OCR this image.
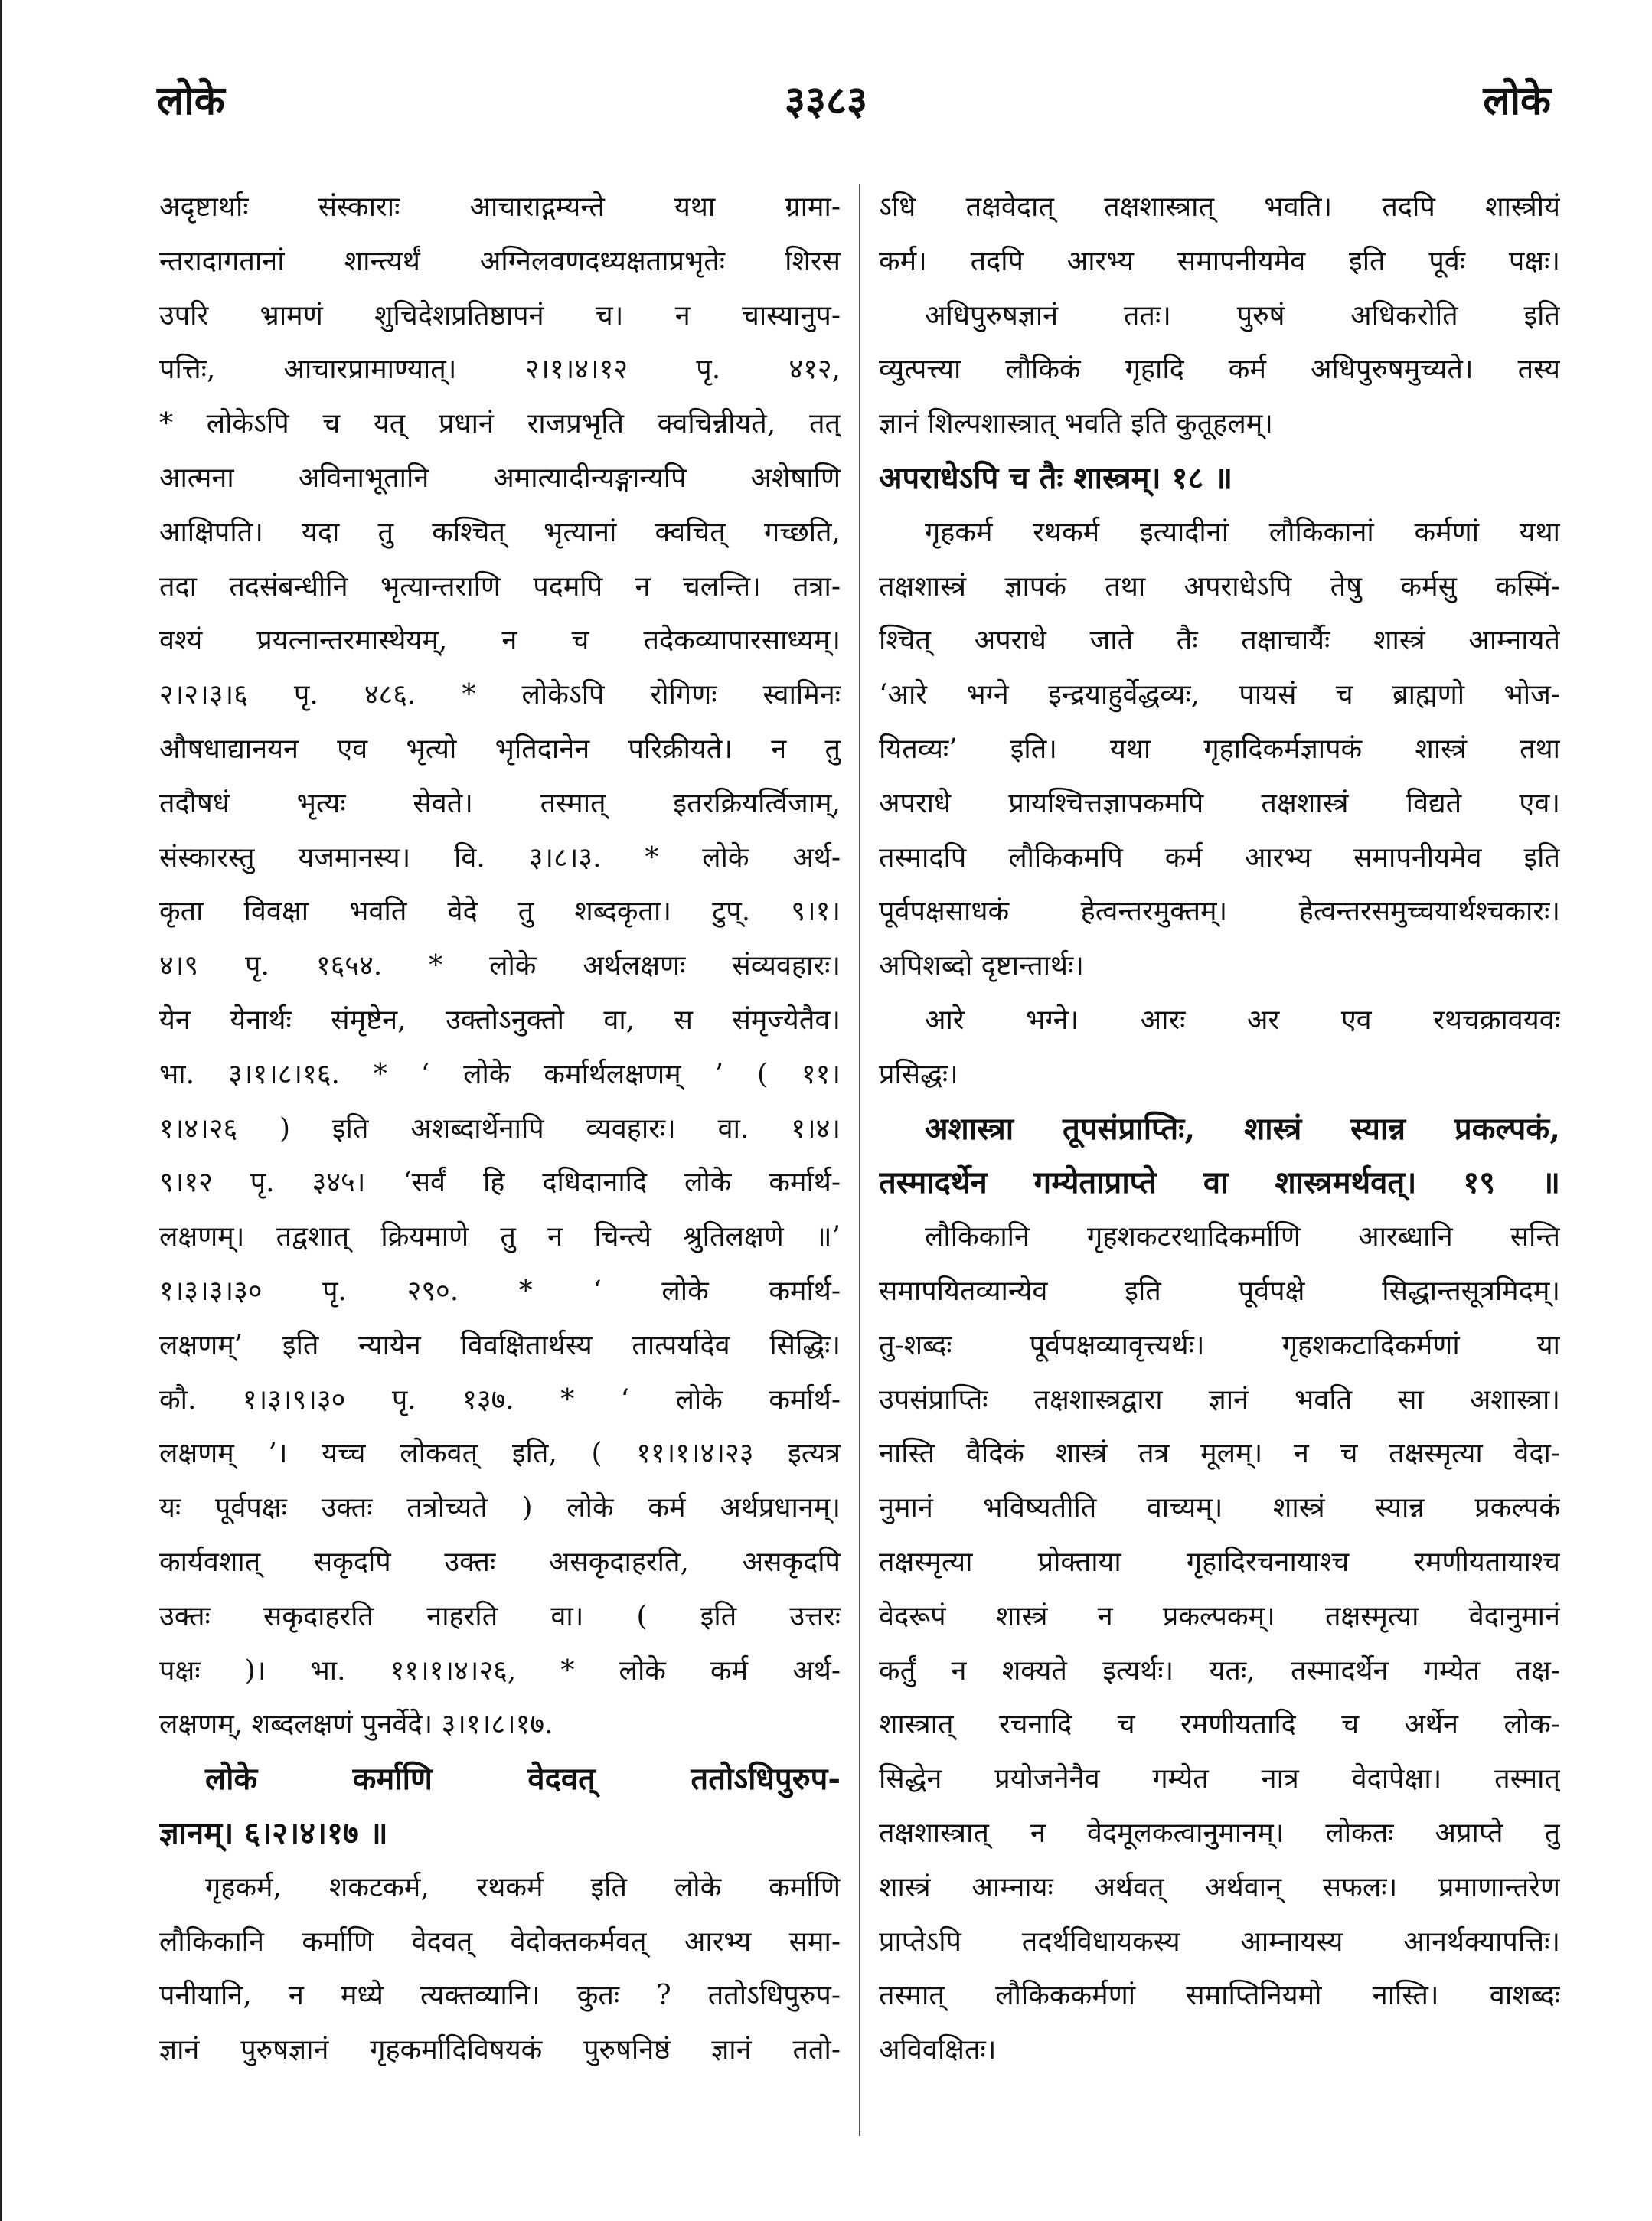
३३८३
लोके	लोके
अदृष्टार्थाः संस्काराः आचाराद्गम्यन्ते यथा ग्रामा-
न्तरादागतानां शान्त्यर्थं अग्निलवणदध्यक्षताप्रभृतेः शिरस
उपरि भ्रामणं शुचिदेशप्रतिष्ठापनं च। न चास्यानुप-
पत्तिः, आचारप्रामाण्यात्। २।१।४।१२ पृ. ४१२,
* लोकेऽपि च यत् प्रधानं राजप्रभृति क्वचिन्नीयते, तत्
आत्मना अविनाभूतानि अमात्यादीन्यङ्गान्यपि अशेषाणि
आक्षिपति। यदा तु कश्चित् भृत्यानां क्वचित् गच्छति,
तदा तदसंबन्धीनि भृत्यान्तराणि पदमपि न चलन्ति। तत्रा-
वश्यं प्रयत्नान्तरमास्थेयम्, न च तदेकव्यापारसाध्यम्।
२।२।३।६ पृ. ४८६. * लोकेऽपि रोगिणः स्वामिनः
औषधाद्यानयन एव भृत्यो भृतिदानेन परिक्रीयते। न तु
तदौषधं भृत्यः सेवते। तस्मात् इतरक्रियर्त्विजाम्,
संस्कारस्तु यजमानस्य। वि. ३।८।३. * लोके अर्थ-
कृता विवक्षा भवति वेदे तु शब्दकृता। टुप्. ९।१।
४।९ पृ. १६५४. * लोके अर्थलक्षणः संव्यवहारः।
येन येनार्थः संमृष्टेन, उक्तोऽनुक्तो वा, स संमृज्येतैव।
भा. ३।१।८।१६. * ‘ लोके कर्मार्थलक्षणम् ’ ( ११।
१।४।२६ ) इति अशब्दार्थेनापि व्यवहारः। वा. १।४।
९।१२ पृ. ३४५। ‘सर्वं हि दधिदानादि लोके कर्मार्थ-
लक्षणम्। तद्वशात् क्रियमाणे तु न चिन्त्ये श्रुतिलक्षणे ॥’
१।३।३।३० पृ. २९०. * ‘ लोके कर्मार्थ-
लक्षणम्’ इति न्यायेन विवक्षितार्थस्य तात्पर्यादेव सिद्धिः।
कौ. १।३।९।३० पृ. १३७. * ‘ लोके कर्मार्थ-
लक्षणम् ’। यच्च लोकवत् इति, ( ११।१।४।२३ इत्यत्र
यः पूर्वपक्षः उक्तः तत्रोच्यते ) लोके कर्म अर्थप्रधानम्।
कार्यवशात् सकृदपि उक्तः असकृदाहरति, असकृदपि
उक्तः सकृदाहरति नाहरति वा। ( इति उत्तरः
पक्षः )। भा. ११।१।४।२६, * लोके कर्म अर्थ-
लक्षणम्, शब्दलक्षणं पुनर्वेदे। ३।१।८।१७.
लोके कर्माणि वेदवत् ततोऽधिपुरुप-
ज्ञानम्। ६।२।४।१७ ॥
गृहकर्म, शकटकर्म, रथकर्म इति लोके कर्माणि
लौकिकानि कर्माणि वेदवत् वेदोक्तकर्मवत् आरभ्य समा-
पनीयानि, न मध्ये त्यक्तव्यानि। कुतः ? ततोऽधिपुरुप-
ज्ञानं पुरुषज्ञानं गृहकर्मादिविषयकं पुरुषनिष्ठं ज्ञानं ततो-
ऽधि तक्षवेदात् तक्षशास्त्रात् भवति। तदपि शास्त्रीयं
कर्म। तदपि आरभ्य समापनीयमेव इति पूर्वः पक्षः।
अधिपुरुषज्ञानं ततः। पुरुषं अधिकरोति इति
व्युत्पत्त्या लौकिकं गृहादि कर्म अधिपुरुषमुच्यते। तस्य
ज्ञानं शिल्पशास्त्रात् भवति इति कुतूहलम्।
अपराधेऽपि च तैः शास्त्रम्। १८ ॥
गृहकर्म रथकर्म इत्यादीनां लौकिकानां कर्मणां यथा
तक्षशास्त्रं ज्ञापकं तथा अपराधेऽपि तेषु कर्मसु कस्मिं-
श्चित् अपराधे जाते तैः तक्षाचार्यैः शास्त्रं आम्नायते
‘आरे भग्ने इन्द्रयाहुर्वेद्धव्यः, पायसं च ब्राह्मणो भोज-
यितव्यः’ इति। यथा गृहादिकर्मज्ञापकं शास्त्रं तथा
अपराधे प्रायश्चित्तज्ञापकमपि तक्षशास्त्रं विद्यते एव।
तस्मादपि लौकिकमपि कर्म आरभ्य समापनीयमेव इति
पूर्वपक्षसाधकं हेत्वन्तरमुक्तम्। हेत्वन्तरसमुच्चयार्थश्चकारः।
अपिशब्दो दृष्टान्तार्थः।
आरे भग्ने। आरः अर एव रथचक्रावयवः
प्रसिद्धः।
अशास्त्रा तूपसंप्राप्तिः, शास्त्रं स्यान्न प्रकल्पकं,
तस्मादर्थेन गम्येताप्राप्ते वा शास्त्रमर्थवत्। १९ ॥
लौकिकानि गृहशकटरथादिकर्माणि आरब्धानि सन्ति
समापयितव्यान्येव इति पूर्वपक्षे सिद्धान्तसूत्रमिदम्।
तु-शब्दः पूर्वपक्षव्यावृत्त्यर्थः। गृहशकटादिकर्मणां या
उपसंप्राप्तिः तक्षशास्त्रद्वारा ज्ञानं भवति सा अशास्त्रा।
नास्ति वैदिकं शास्त्रं तत्र मूलम्। न च तक्षस्मृत्या वेदा-
नुमानं भविष्यतीति वाच्यम्। शास्त्रं स्यान्न प्रकल्पकं
तक्षस्मृत्या प्रोक्ताया गृहादिरचनायाश्च रमणीयतायाश्च
वेदरूपं शास्त्रं न प्रकल्पकम्। तक्षस्मृत्या वेदानुमानं
कर्तुं न शक्यते इत्यर्थः। यतः, तस्मादर्थेन गम्येत तक्ष-
शास्त्रात् रचनादि च रमणीयतादि च अर्थेन लोक-
सिद्धेन प्रयोजनेनैव गम्येत नात्र वेदापेक्षा। तस्मात्
तक्षशास्त्रात् न वेदमूलकत्वानुमानम्। लोकतः अप्राप्ते तु
शास्त्रं आम्नायः अर्थवत् अर्थवान् सफलः। प्रमाणान्तरेण
प्राप्तेऽपि तदर्थविधायकस्य आम्नायस्य आनर्थक्यापत्तिः।
तस्मात् लौकिककर्मणां समाप्तिनियमो नास्ति। वाशब्दः
अविवक्षितः।
